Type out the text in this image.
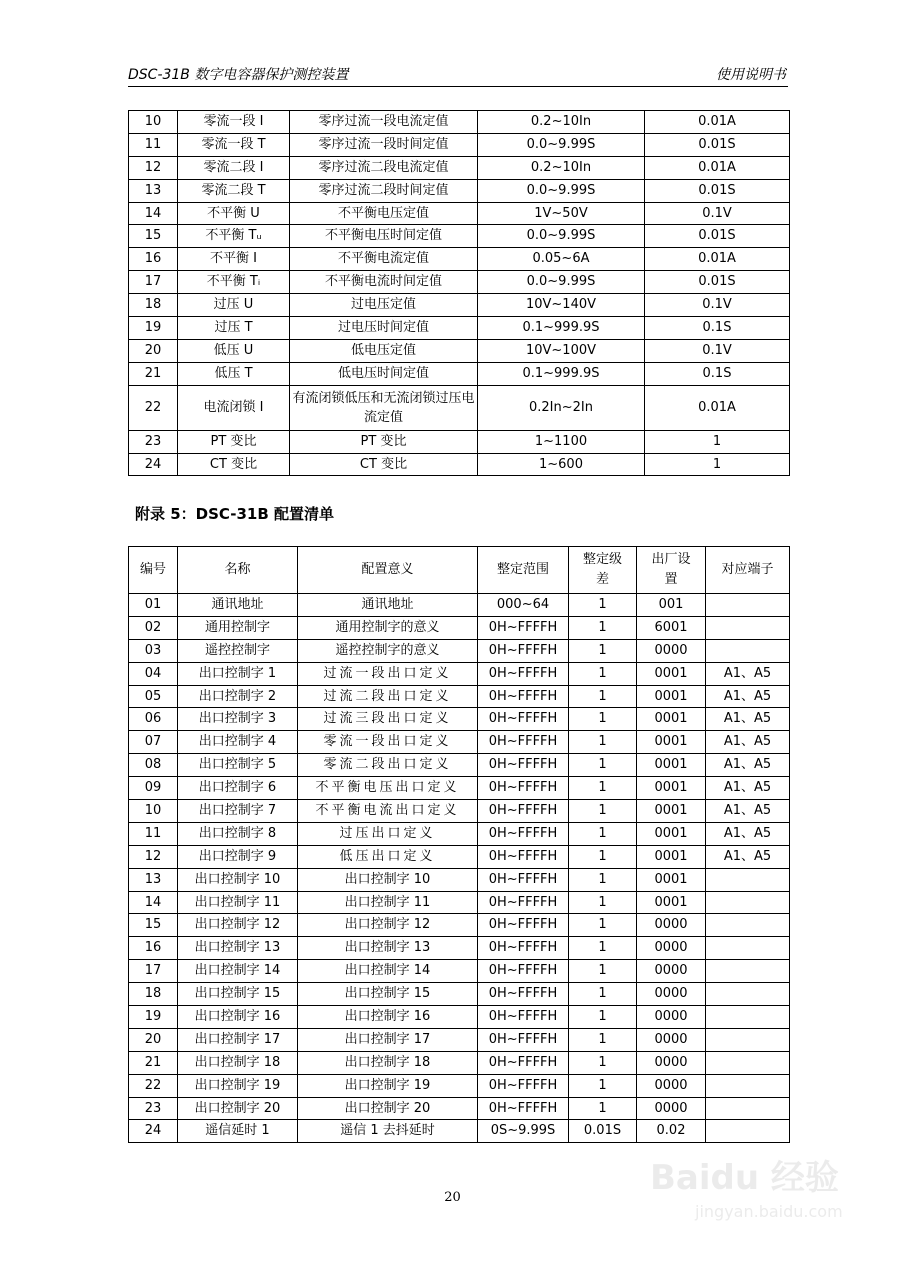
DSC-31B 数字电容器保护测控装置	使用说明书
10	零流一段 I	零序过流一段电流定值	0.2~10In	0.01A
11	零流一段 T	零序过流一段时间定值	0.0~9.99S	0.01S
12	零流二段 I	零序过流二段电流定值	0.2~10In	0.01A
13	零流二段 T	零序过流二段时间定值	0.0~9.99S	0.01S
14	不平衡 U	不平衡电压定值	1V~50V	0.1V
15	不平衡 Tᵤ	不平衡电压时间定值	0.0~9.99S	0.01S
16	不平衡 I	不平衡电流定值	0.05~6A	0.01A
17	不平衡 Tᵢ	不平衡电流时间定值	0.0~9.99S	0.01S
18	过压 U	过电压定值	10V~140V	0.1V
19	过压 T	过电压时间定值	0.1~999.9S	0.1S
20	低压 U	低电压定值	10V~100V	0.1V
21	低压 T	低电压时间定值	0.1~999.9S	0.1S
22	电流闭锁 I	有流闭锁低压和无流闭锁过压电流定值	0.2In~2In	0.01A
23	PT 变比	PT 变比	1~1100	1
24	CT 变比	CT 变比	1~600	1
附录 5：DSC-31B 配置清单
编号	名称	配置意义	整定范围	整定级差	出厂设置	对应端子
01	通讯地址	通讯地址	000~64	1	001	
02	通用控制字	通用控制字的意义	0H~FFFFH	1	6001	
03	遥控控制字	遥控控制字的意义	0H~FFFFH	1	0000	
04	出口控制字 1	过流一段出口定义	0H~FFFFH	1	0001	A1、A5
05	出口控制字 2	过流二段出口定义	0H~FFFFH	1	0001	A1、A5
06	出口控制字 3	过流三段出口定义	0H~FFFFH	1	0001	A1、A5
07	出口控制字 4	零流一段出口定义	0H~FFFFH	1	0001	A1、A5
08	出口控制字 5	零流二段出口定义	0H~FFFFH	1	0001	A1、A5
09	出口控制字 6	不平衡电压出口定义	0H~FFFFH	1	0001	A1、A5
10	出口控制字 7	不平衡电流出口定义	0H~FFFFH	1	0001	A1、A5
11	出口控制字 8	过压出口定义	0H~FFFFH	1	0001	A1、A5
12	出口控制字 9	低压出口定义	0H~FFFFH	1	0001	A1、A5
13	出口控制字 10	出口控制字 10	0H~FFFFH	1	0001	
14	出口控制字 11	出口控制字 11	0H~FFFFH	1	0001	
15	出口控制字 12	出口控制字 12	0H~FFFFH	1	0000	
16	出口控制字 13	出口控制字 13	0H~FFFFH	1	0000	
17	出口控制字 14	出口控制字 14	0H~FFFFH	1	0000	
18	出口控制字 15	出口控制字 15	0H~FFFFH	1	0000	
19	出口控制字 16	出口控制字 16	0H~FFFFH	1	0000	
20	出口控制字 17	出口控制字 17	0H~FFFFH	1	0000	
21	出口控制字 18	出口控制字 18	0H~FFFFH	1	0000	
22	出口控制字 19	出口控制字 19	0H~FFFFH	1	0000	
23	出口控制字 20	出口控制字 20	0H~FFFFH	1	0000	
24	遥信延时 1	遥信 1 去抖延时	0S~9.99S	0.01S	0.02	
20	Baidu 经验
jingyan.baidu.com
